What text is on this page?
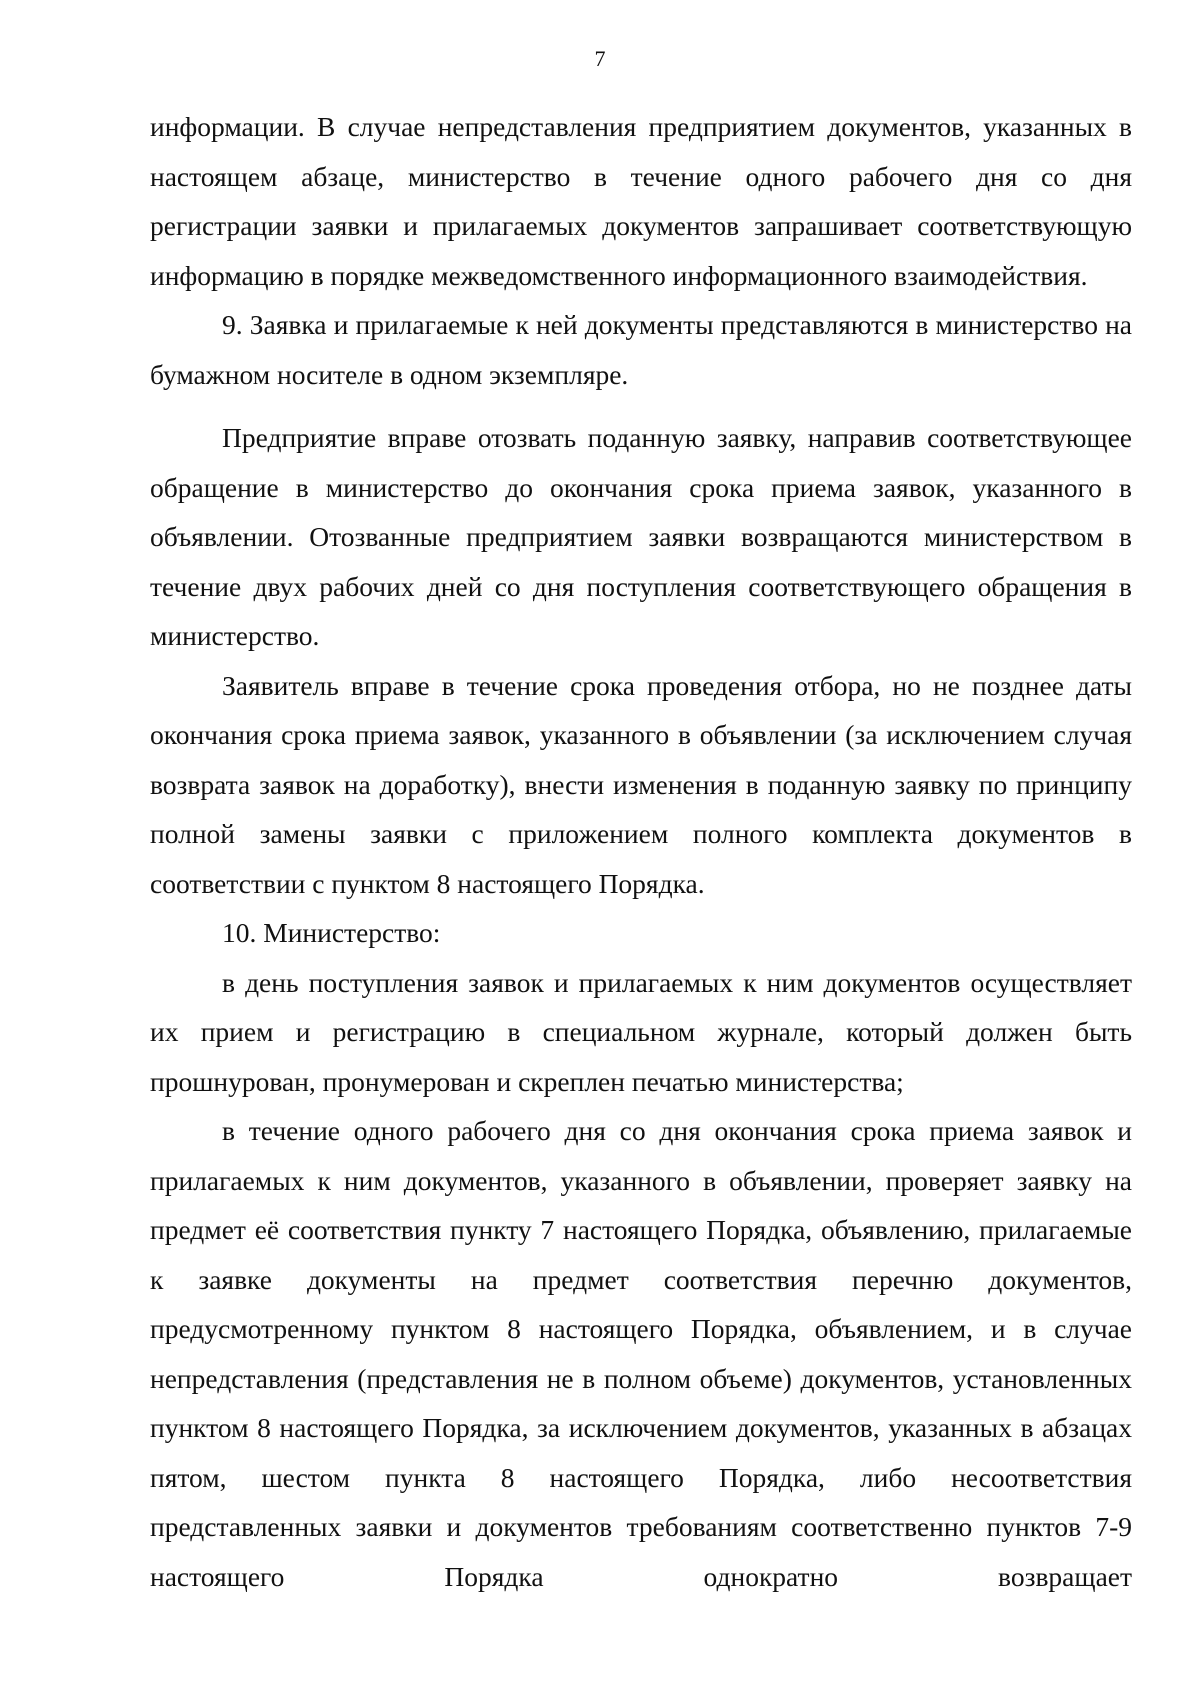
7

информации. В случае непредставления предприятием документов, указанных в настоящем абзаце, министерство в течение одного рабочего дня со дня регистрации заявки и прилагаемых документов запрашивает соответствующую информацию в порядке межведомственного информационного взаимодействия.

9. Заявка и прилагаемые к ней документы представляются в министерство на бумажном носителе в одном экземпляре.

Предприятие вправе отозвать поданную заявку, направив соответствующее обращение в министерство до окончания срока приема заявок, указанного в объявлении. Отозванные предприятием заявки возвращаются министерством в течение двух рабочих дней со дня поступления соответствующего обращения в министерство.

Заявитель вправе в течение срока проведения отбора, но не позднее даты окончания срока приема заявок, указанного в объявлении (за исключением случая возврата заявок на доработку), внести изменения в поданную заявку по принципу полной замены заявки с приложением полного комплекта документов в соответствии с пунктом 8 настоящего Порядка.

10. Министерство:

в день поступления заявок и прилагаемых к ним документов осуществляет их прием и регистрацию в специальном журнале, который должен быть прошнурован, пронумерован и скреплен печатью министерства;

в течение одного рабочего дня со дня окончания срока приема заявок и прилагаемых к ним документов, указанного в объявлении, проверяет заявку на предмет её соответствия пункту 7 настоящего Порядка, объявлению, прилагаемые к заявке документы на предмет соответствия перечню документов, предусмотренному пунктом 8 настоящего Порядка, объявлением, и в случае непредставления (представления не в полном объеме) документов, установленных пунктом 8 настоящего Порядка, за исключением документов, указанных в абзацах пятом, шестом пункта 8 настоящего Порядка, либо несоответствия представленных заявки и документов требованиям соответственно пунктов 7-9 настоящего Порядка однократно возвращает
